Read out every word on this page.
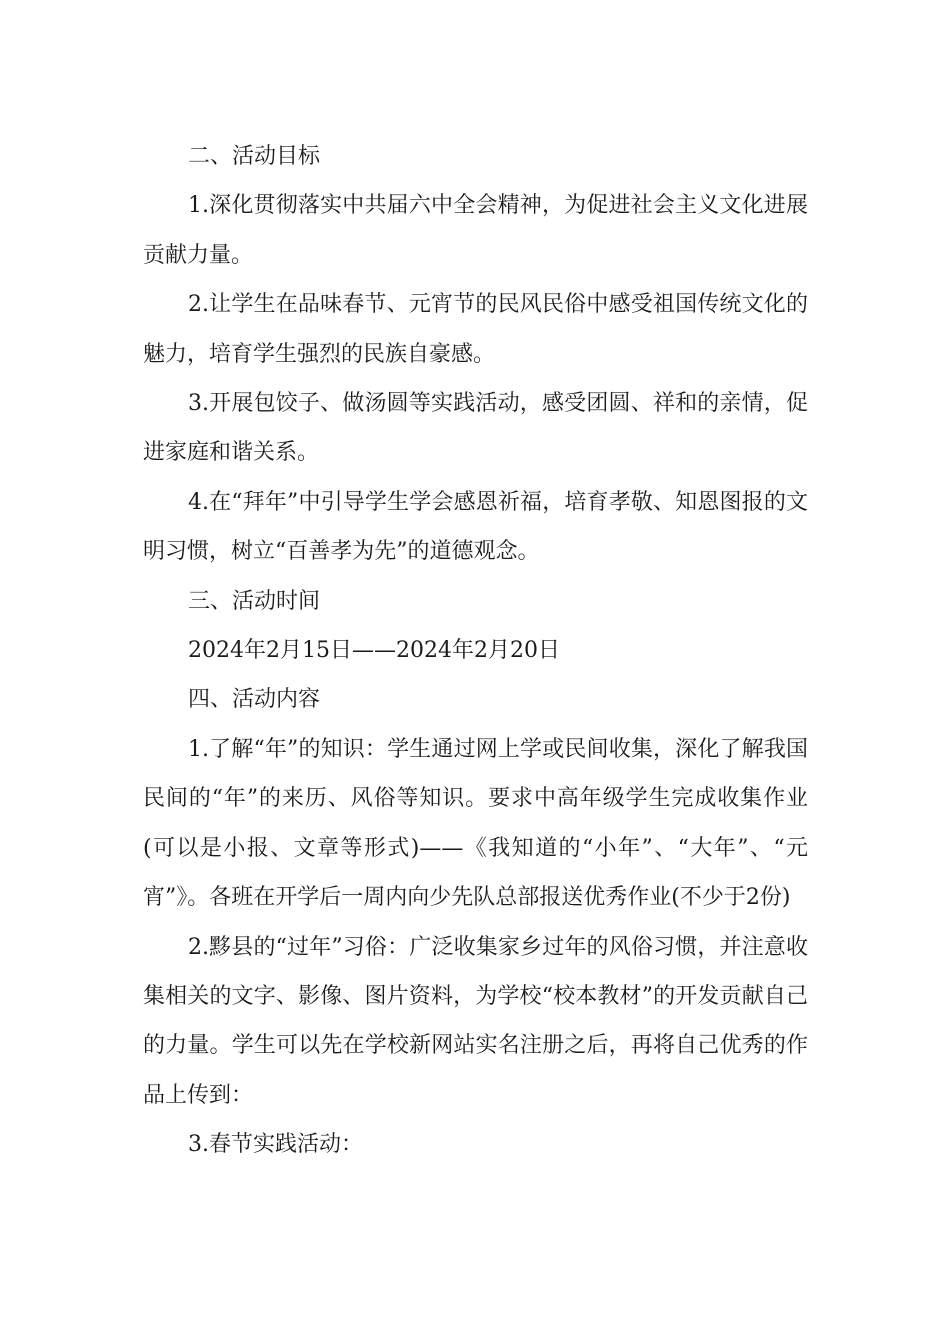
二、活动目标

1.深化贯彻落实中共届六中全会精神，为促进社会主义文化进展贡献力量。

2.让学生在品味春节、元宵节的民风民俗中感受祖国传统文化的魅力，培育学生强烈的民族自豪感。

3.开展包饺子、做汤圆等实践活动，感受团圆、祥和的亲情，促进家庭和谐关系。

4.在“拜年”中引导学生学会感恩祈福，培育孝敬、知恩图报的文明习惯，树立“百善孝为先”的道德观念。

三、活动时间

2024年2月15日——2024年2月20日

四、活动内容

1.了解“年”的知识：学生通过网上学或民间收集，深化了解我国民间的“年”的来历、风俗等知识。要求中高年级学生完成收集作业(可以是小报、文章等形式)——《我知道的“小年”、“大年”、“元宵”》。各班在开学后一周内向少先队总部报送优秀作业(不少于2份)

2.黟县的“过年”习俗：广泛收集家乡过年的风俗习惯，并注意收集相关的文字、影像、图片资料，为学校“校本教材”的开发贡献自己的力量。学生可以先在学校新网站实名注册之后，再将自己优秀的作品上传到：

3.春节实践活动：
